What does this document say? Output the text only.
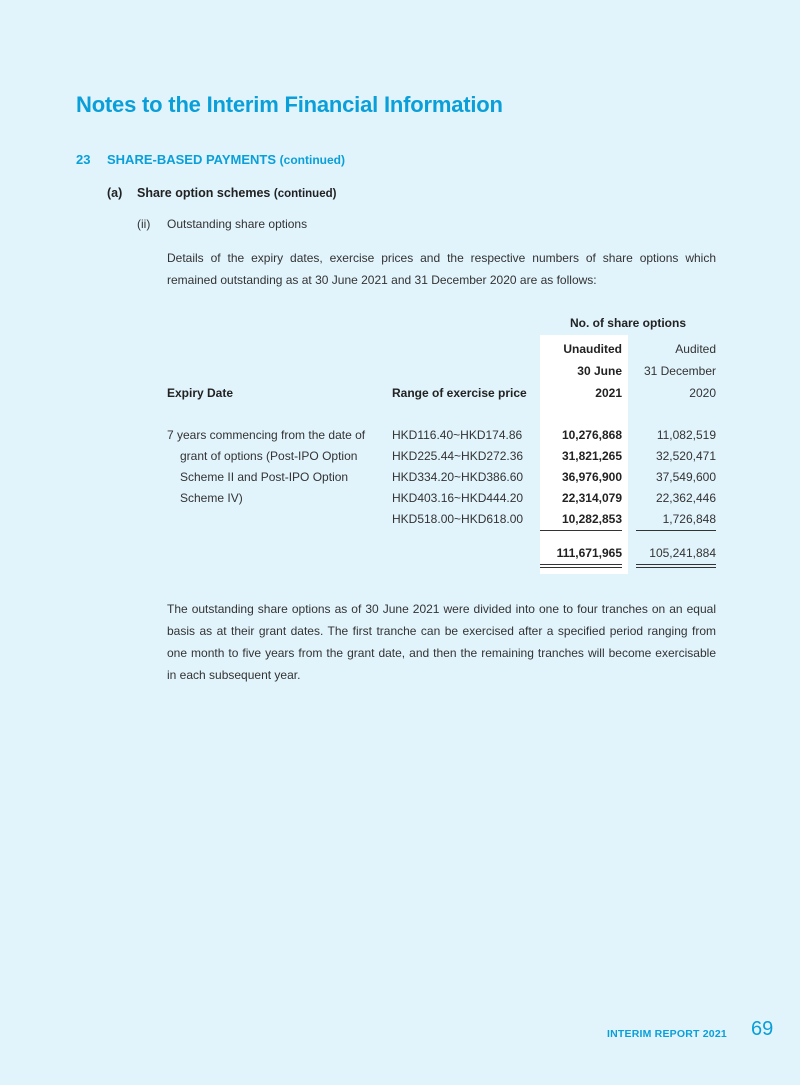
Notes to the Interim Financial Information
23 SHARE-BASED PAYMENTS (continued)
(a) Share option schemes (continued)
(ii) Outstanding share options
Details of the expiry dates, exercise prices and the respective numbers of share options which remained outstanding as at 30 June 2021 and 31 December 2020 are as follows:
No. of share options
Unaudited	Audited
30 June 31 December
Expiry Date	Range of exercise price	2021	2020
7 years commencing from the date of
grant of options (Post-IPO Option
Scheme II and Post-IPO Option
Scheme IV)
HKD116.40~HKD174.86	10,276,868	11,082,519
HKD225.44~HKD272.36	31,821,265	32,520,471
HKD334.20~HKD386.60	36,976,900	37,549,600
HKD403.16~HKD444.20	22,314,079	22,362,446
HKD518.00~HKD618.00	10,282,853	1,726,848
111,671,965 105,241,884
The outstanding share options as of 30 June 2021 were divided into one to four tranches on an equal basis as at their grant dates. The first tranche can be exercised after a specified period ranging from one month to five years from the grant date, and then the remaining tranches will become exercisable in each subsequent year.
INTERIM REPORT 2021 69
